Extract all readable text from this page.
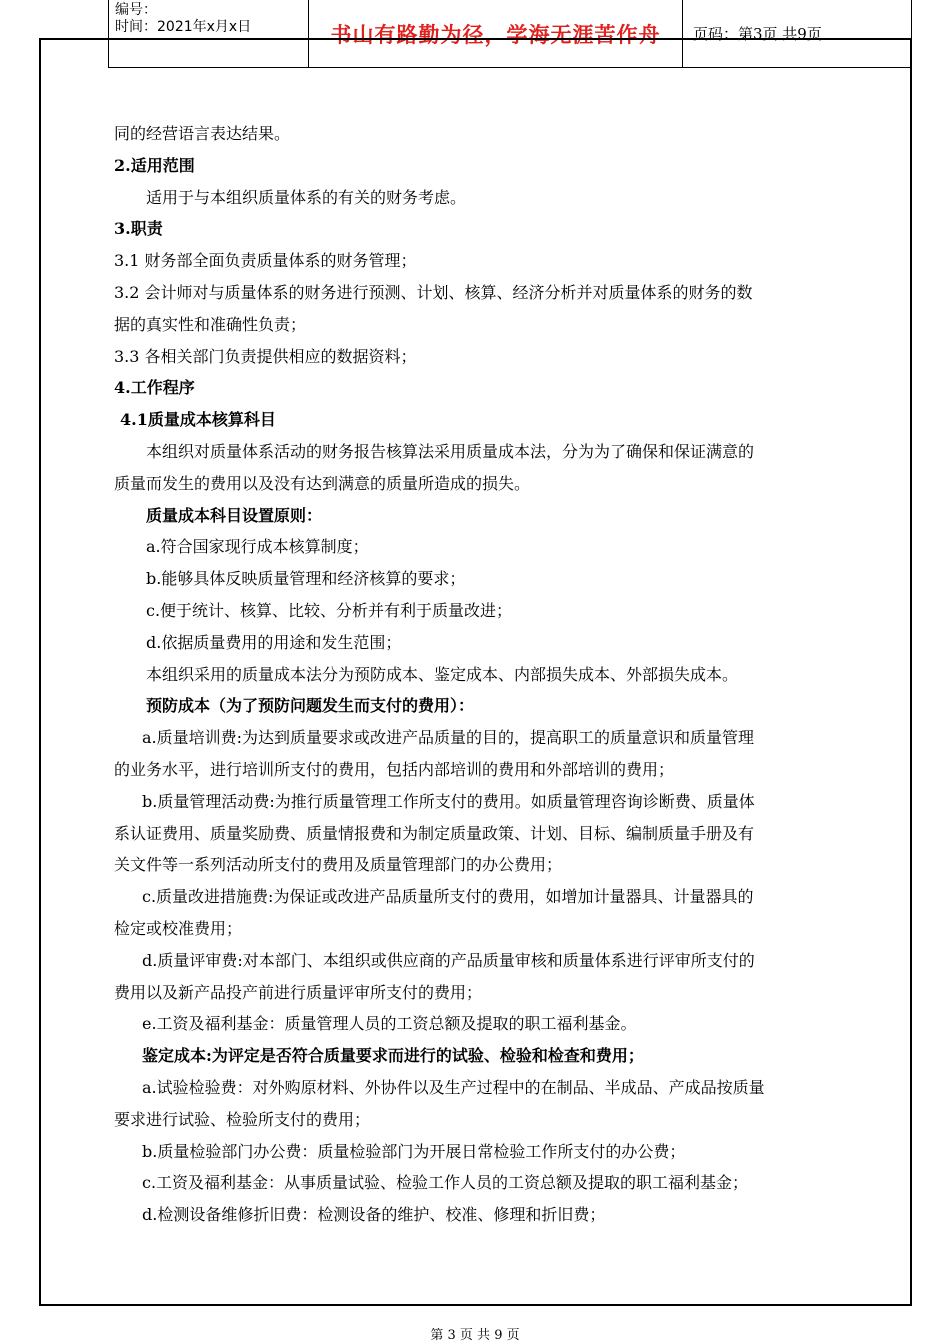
编号：
时间：2021年x月x日	书山有路勤为径，学海无涯苦作舟 页码：第3页 共9页

同的经营语言表达结果。

2.适用范围

适用于与本组织质量体系的有关的财务考虑。

3.职责

3.1 财务部全面负责质量体系的财务管理；

3.2 会计师对与质量体系的财务进行预测、计划、核算、经济分析并对质量体系的财务的数

据的真实性和准确性负责；

3.3 各相关部门负责提供相应的数据资料；

4.工作程序

4.1质量成本核算科目

本组织对质量体系活动的财务报告核算法采用质量成本法，分为为了确保和保证满意的

质量而发生的费用以及没有达到满意的质量所造成的损失。

质量成本科目设置原则：

a.符合国家现行成本核算制度；

b.能够具体反映质量管理和经济核算的要求；

c.便于统计、核算、比较、分析并有利于质量改进；

d.依据质量费用的用途和发生范围；

本组织采用的质量成本法分为预防成本、鉴定成本、内部损失成本、外部损失成本。

预防成本（为了预防问题发生而支付的费用）：

a.质量培训费:为达到质量要求或改进产品质量的目的，提高职工的质量意识和质量管理

的业务水平，进行培训所支付的费用，包括内部培训的费用和外部培训的费用；

b.质量管理活动费:为推行质量管理工作所支付的费用。如质量管理咨询诊断费、质量体

系认证费用、质量奖励费、质量情报费和为制定质量政策、计划、目标、编制质量手册及有

关文件等一系列活动所支付的费用及质量管理部门的办公费用；

c.质量改进措施费:为保证或改进产品质量所支付的费用，如增加计量器具、计量器具的

检定或校准费用；

d.质量评审费:对本部门、本组织或供应商的产品质量审核和质量体系进行评审所支付的

费用以及新产品投产前进行质量评审所支付的费用；

e.工资及福利基金：质量管理人员的工资总额及提取的职工福利基金。

鉴定成本:为评定是否符合质量要求而进行的试验、检验和检查和费用；

a.试验检验费：对外购原材料、外协件以及生产过程中的在制品、半成品、产成品按质量

要求进行试验、检验所支付的费用；

b.质量检验部门办公费：质量检验部门为开展日常检验工作所支付的办公费；

c.工资及福利基金：从事质量试验、检验工作人员的工资总额及提取的职工福利基金；

d.检测设备维修折旧费：检测设备的维护、校准、修理和折旧费；

第 3 页 共 9 页
